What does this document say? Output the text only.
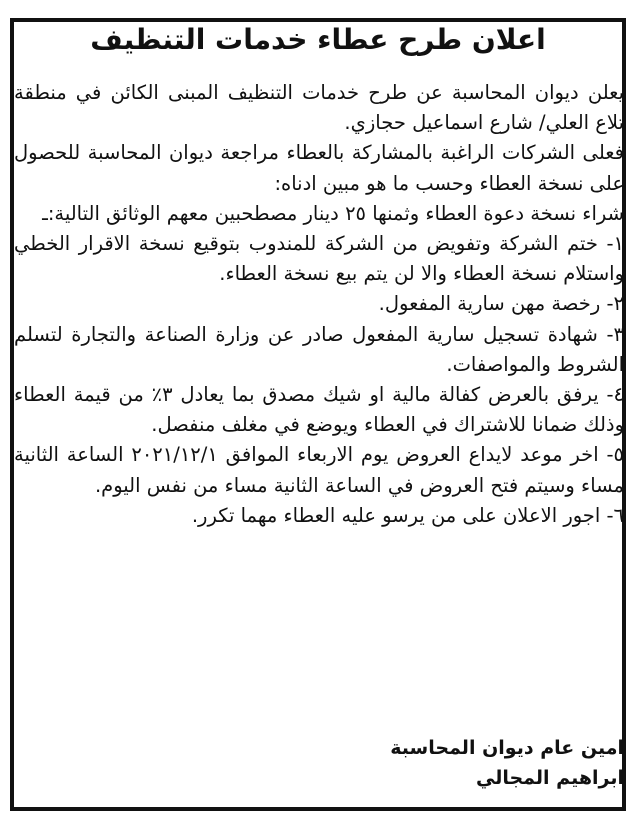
اعلان طرح عطاء خدمات التنظيف

يعلن ديوان المحاسبة عن طرح خدمات التنظيف المبنى الكائن في منطقة تلاع العلي/ شارع اسماعيل حجازي.

فعلى الشركات الراغبة بالمشاركة بالعطاء مراجعة ديوان المحاسبة للحصول على نسخة العطاء وحسب ما هو مبين ادناه:

شراء نسخة دعوة العطاء وثمنها ٢٥ دينار مصطحبين معهم الوثائق التالية:ـ

١- ختم الشركة وتفويض من الشركة للمندوب بتوقيع نسخة الاقرار الخطي واستلام نسخة العطاء والا لن يتم بيع نسخة العطاء.

٢- رخصة مهن سارية المفعول.

٣- شهادة تسجيل سارية المفعول صادر عن وزارة الصناعة والتجارة لتسلم الشروط والمواصفات.

٤- يرفق بالعرض كفالة مالية او شيك مصدق بما يعادل ٣٪ من قيمة العطاء وذلك ضمانا للاشتراك في العطاء ويوضع في مغلف منفصل.

٥- اخر موعد لايداع العروض يوم الاربعاء الموافق ٢٠٢١/١٢/١ الساعة الثانية مساء وسيتم فتح العروض في الساعة الثانية مساء من نفس اليوم.

٦- اجور الاعلان على من يرسو عليه العطاء مهما تكرر.

امين عام ديوان المحاسبة

ابراهيم المجالي
